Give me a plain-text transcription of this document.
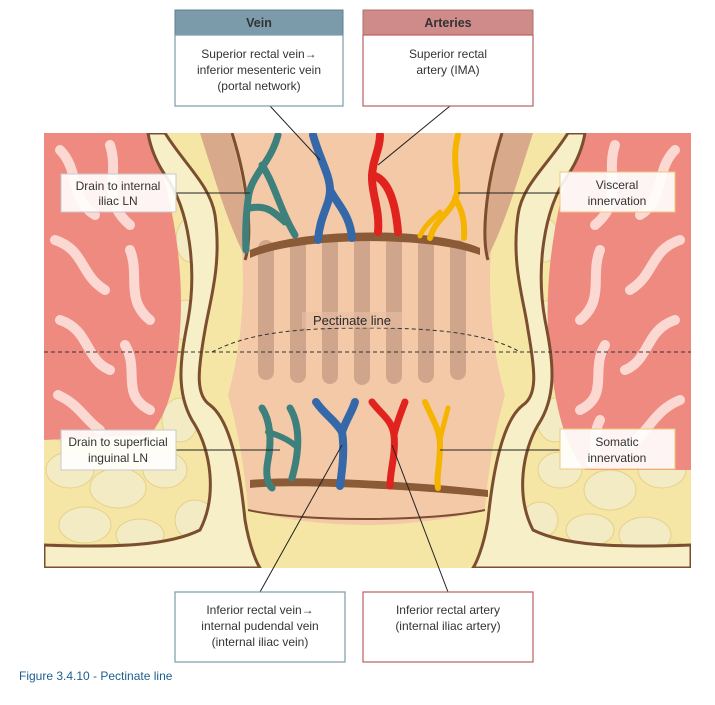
Vein
Superior rectal vein→
inferior mesenteric vein
(portal network)
Arteries
Superior rectal
artery (IMA)
Drain to internal
iliac LN
Visceral
innervation
Drain to superficial
inguinal LN
Somatic
innervation
Pectinate line
Inferior rectal vein→
internal pudendal vein
(internal iliac vein)
Inferior rectal artery
(internal iliac artery)
Figure 3.4.10 - Pectinate line
